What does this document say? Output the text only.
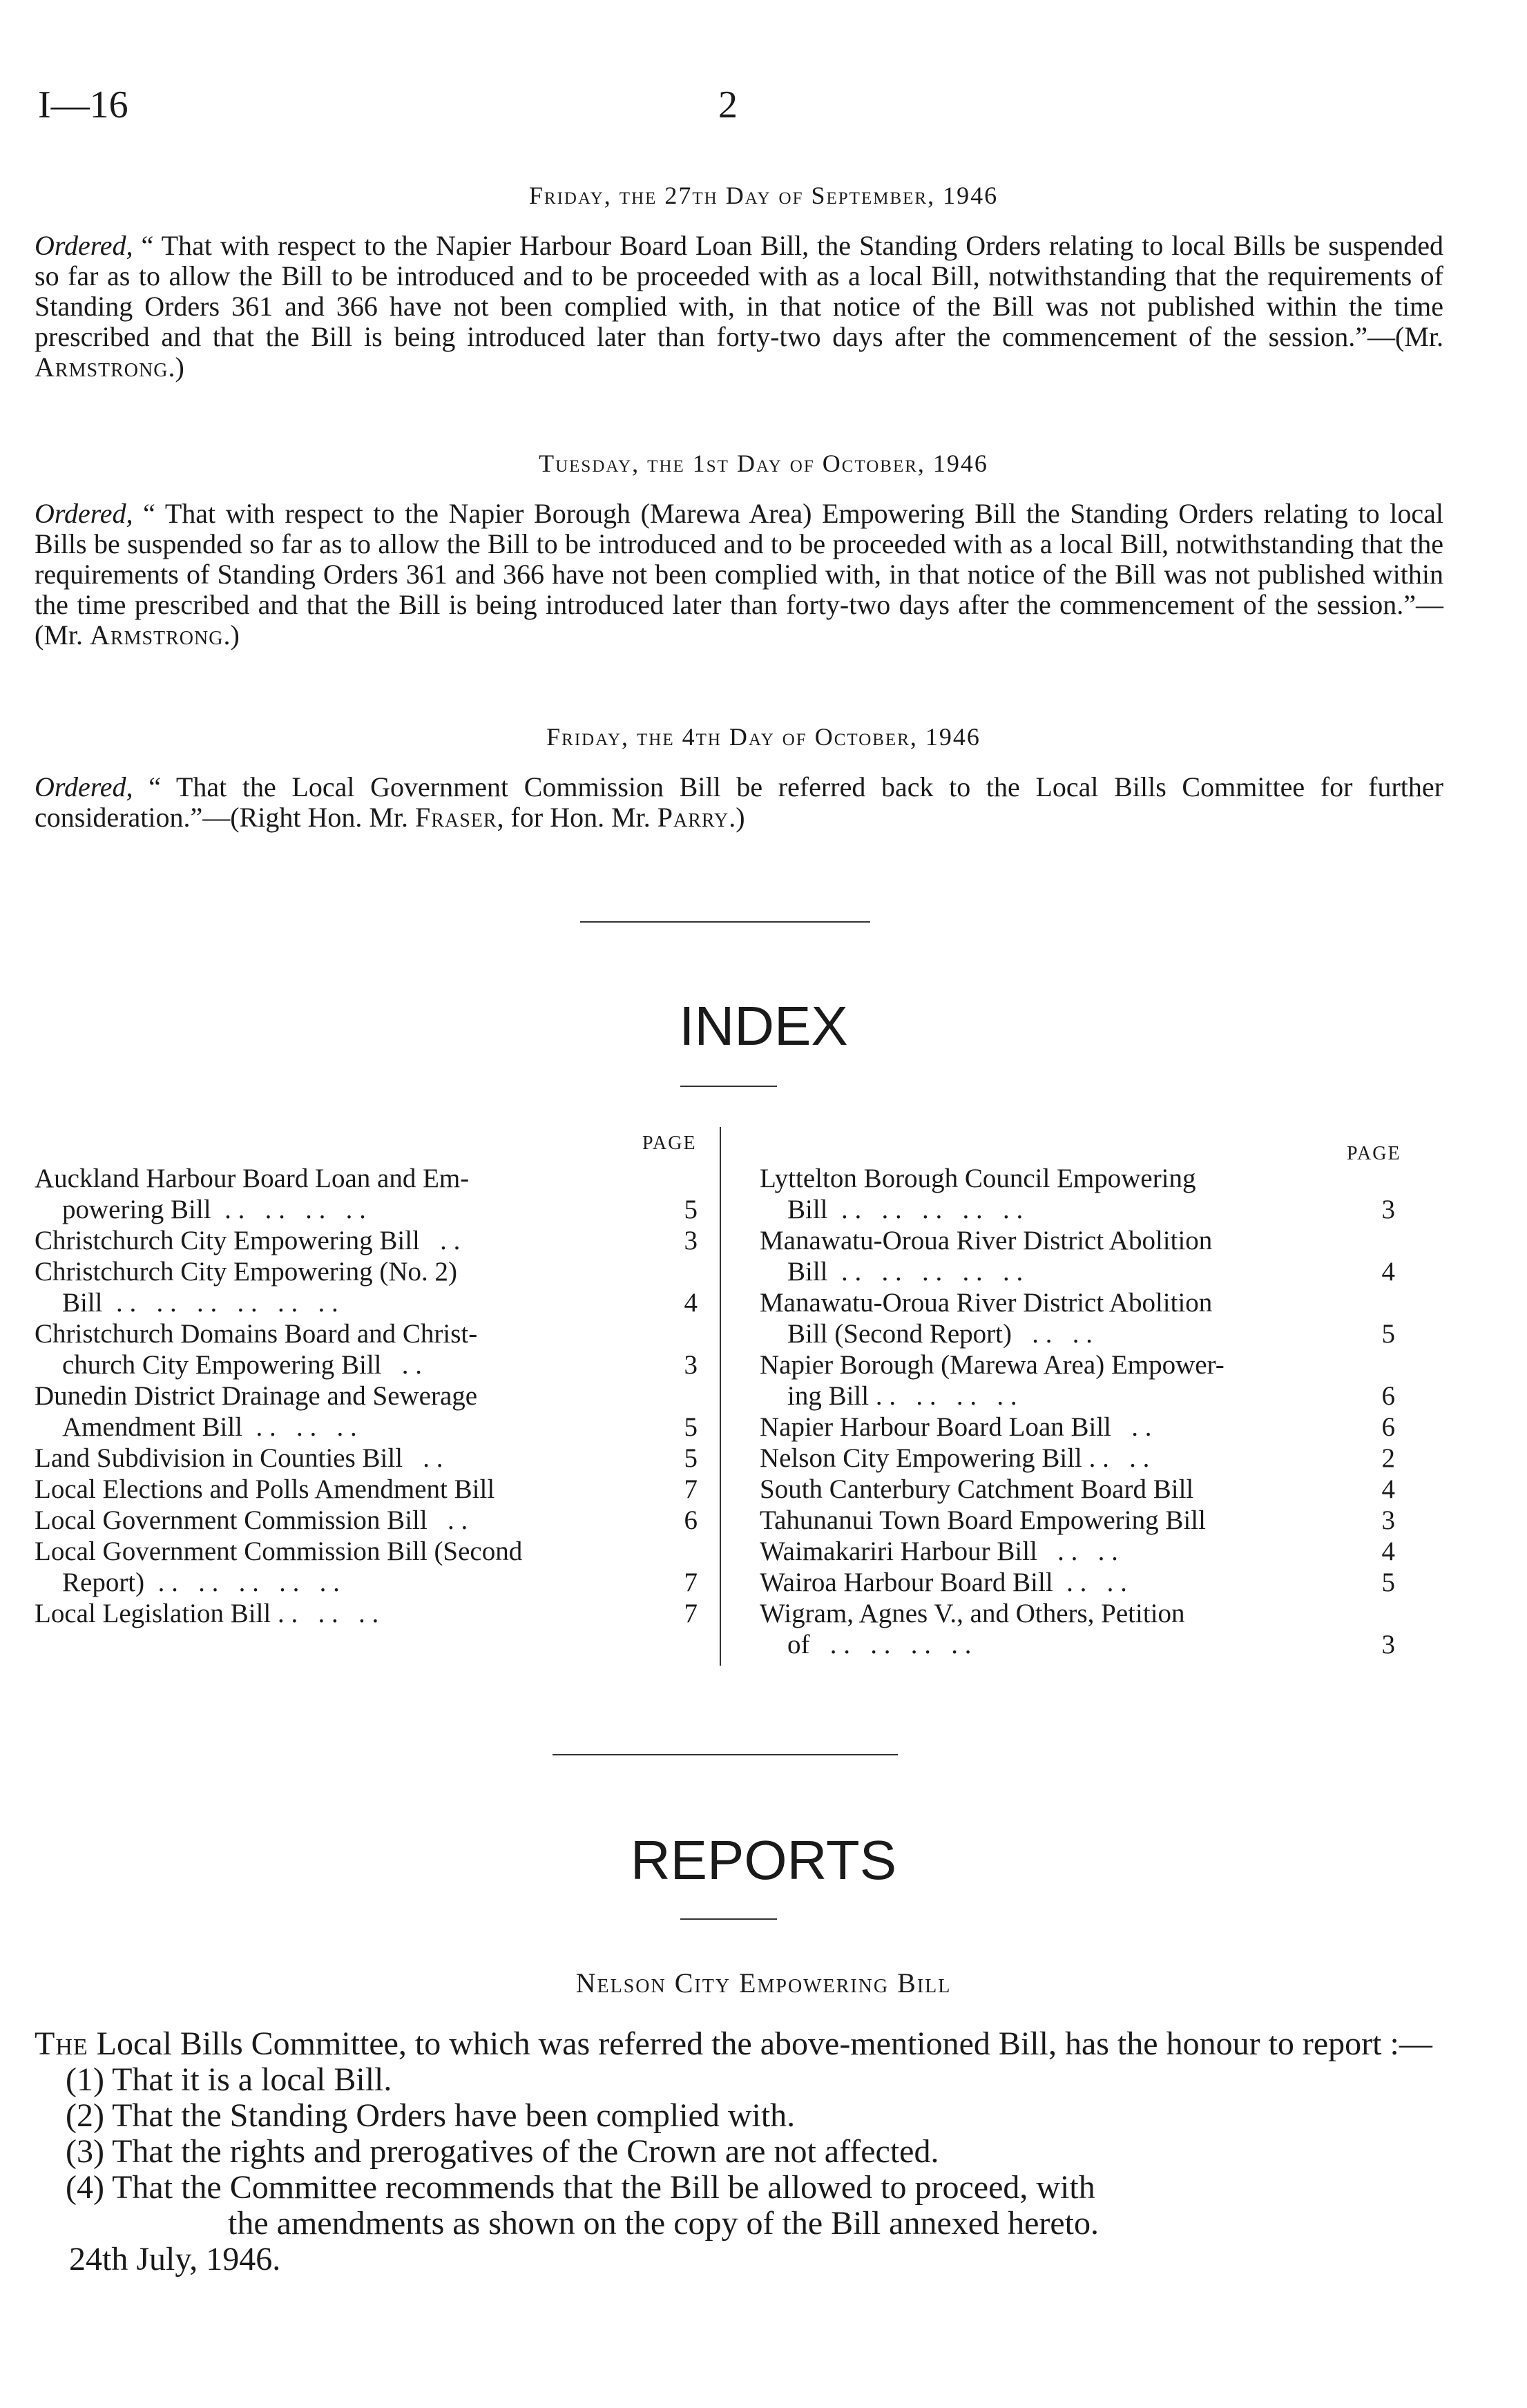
I—16	2
Friday, the 27th Day of September, 1946
Ordered, “ That with respect to the Napier Harbour Board Loan Bill, the Standing Orders relating to local Bills be suspended so far as to allow the Bill to be introduced and to be proceeded with as a local Bill, notwithstanding that the requirements of Standing Orders 361 and 366 have not been complied with, in that notice of the Bill was not published within the time prescribed and that the Bill is being introduced later than forty-two days after the commencement of the session.”—(Mr. Armstrong.)
Tuesday, the 1st Day of October, 1946
Ordered, “ That with respect to the Napier Borough (Marewa Area) Empowering Bill the Standing Orders relating to local Bills be suspended so far as to allow the Bill to be introduced and to be proceeded with as a local Bill, notwithstanding that the requirements of Standing Orders 361 and 366 have not been complied with, in that notice of the Bill was not published within the time prescribed and that the Bill is being introduced later than forty-two days after the commencement of the session.”—(Mr. Armstrong.)
Friday, the 4th Day of October, 1946
Ordered, “ That the Local Government Commission Bill be referred back to the Local Bills Committee for further consideration.”—(Right Hon. Mr. Fraser, for Hon. Mr. Parry.)
INDEX
PAGE	PAGE
Auckland Harbour Board Loan and Em-
powering Bill  . .   . .   . .   . .	5
Christchurch City Empowering Bill   . .	3
Christchurch City Empowering (No. 2)
Bill  . .   . .   . .   . .   . .   . .	4
Christchurch Domains Board and Christ-
church City Empowering Bill   . .	3
Dunedin District Drainage and Sewerage
Amendment Bill  . .   . .   . .	5
Land Subdivision in Counties Bill   . .	5
Local Elections and Polls Amendment Bill	7
Local Government Commission Bill   . .	6
Local Government Commission Bill (Second
Report)  . .   . .   . .   . .   . .	7
Local Legislation Bill . .   . .   . .	7
Lyttelton Borough Council Empowering
Bill  . .   . .   . .   . .   . .	3
Manawatu-Oroua River District Abolition
Bill  . .   . .   . .   . .   . .	4
Manawatu-Oroua River District Abolition
Bill (Second Report)   . .   . .	5
Napier Borough (Marewa Area) Empower-
ing Bill . .   . .   . .   . .	6
Napier Harbour Board Loan Bill   . .	6
Nelson City Empowering Bill . .   . .	2
South Canterbury Catchment Board Bill	4
Tahunanui Town Board Empowering Bill	3
Waimakariri Harbour Bill   . .   . .	4
Wairoa Harbour Board Bill  . .   . .	5
Wigram, Agnes V., and Others, Petition
of   . .   . .   . .   . .	3
REPORTS
Nelson City Empowering Bill
The Local Bills Committee, to which was referred the above-mentioned Bill, has the honour to report :—
(1) That it is a local Bill.
(2) That the Standing Orders have been complied with.
(3) That the rights and prerogatives of the Crown are not affected.
(4) That the Committee recommends that the Bill be allowed to proceed, with
the amendments as shown on the copy of the Bill annexed hereto.
24th July, 1946.
